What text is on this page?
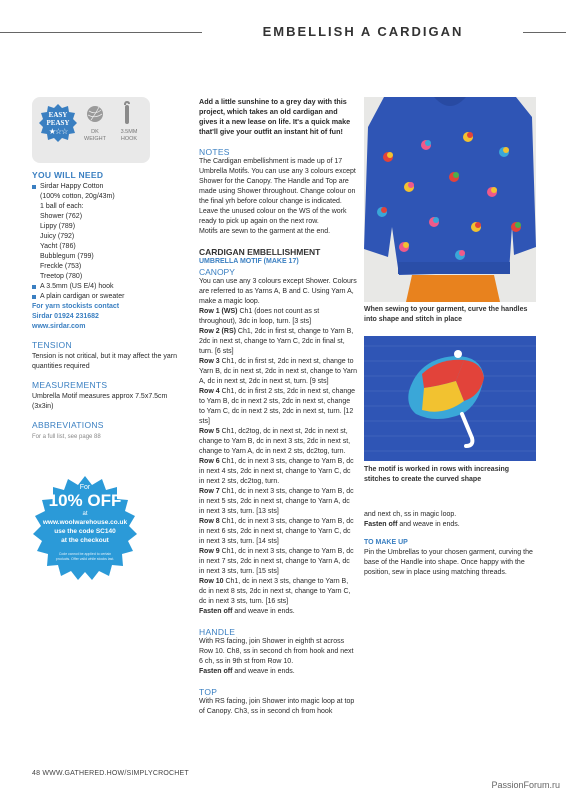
EMBELLISH A CARDIGAN
EASY
PEASY
★☆☆	DK
WEIGHT
3.5MM
HOOK
YOU WILL NEED
Sirdar Happy Cotton
(100% cotton, 20g/43m)
1 ball of each:
Shower (762)
Lippy (789)
Juicy (792)
Yacht (786)
Bubblegum (799)
Freckle (753)
Treetop (780)
A 3.5mm (US E/4) hook
A plain cardigan or sweater
For yarn stockists contact
Sirdar 01924 231682
www.sirdar.com
TENSION
Tension is not critical, but it may affect the yarn quantities required
MEASUREMENTS
Umbrella Motif measures approx 7.5x7.5cm (3x3in)
ABBREVIATIONS
For a full list, see page 88
For
10% OFF
at
www.woolwarehouse.co.uk
use the code SC140
at the checkout
Code cannot be applied to certain products. Offer valid while stocks last.

Add a little sunshine to a grey day with this project, which takes an old cardigan and gives it a new lease on life. It's a quick make that'll give your outfit an instant hit of fun!

NOTES

The Cardigan embellishment is made up of 17 Umbrella Motifs. You can use any 3 colours except Shower for the Canopy. The Handle and Top are made using Shower throughout. Change colour on the final yrh before colour change is indicated. Leave the unused colour on the WS of the work ready to pick up again on the next row.

Motifs are sewn to the garment at the end.

CARDIGAN EMBELLISHMENT
UMBRELLA MOTIF (MAKE 17)
CANOPY

You can use any 3 colours except Shower. Colours are referred to as Yarns A, B and C. Using Yarn A, make a magic loop.

Row 1 (WS) Ch1 (does not count as st throughout), 3dc in loop, turn. [3 sts]

Row 2 (RS) Ch1, 2dc in first st, change to Yarn B, 2dc in next st, change to Yarn C, 2dc in final st, turn. [6 sts]

Row 3 Ch1, dc in first st, 2dc in next st, change to Yarn B, dc in next st, 2dc in next st, change to Yarn A, dc in next st, 2dc in next st, turn. [9 sts]

Row 4 Ch1, dc in first 2 sts, 2dc in next st, change to Yarn B, dc in next 2 sts, 2dc in next st, change to Yarn C, dc in next 2 sts, 2dc in next st, turn. [12 sts]

Row 5 Ch1, dc2tog, dc in next st, 2dc in next st, change to Yarn B, dc in next 3 sts, 2dc in next st, change to Yarn A, dc in next 2 sts, dc2tog, turn.

Row 6 Ch1, dc in next 3 sts, change to Yarn B, dc in next 4 sts, 2dc in next st, change to Yarn C, dc in next 2 sts, dc2tog, turn.

Row 7 Ch1, dc in next 3 sts, change to Yarn B, dc in next 5 sts, 2dc in next st, change to Yarn A, dc in next 3 sts, turn. [13 sts]

Row 8 Ch1, dc in next 3 sts, change to Yarn B, dc in next 6 sts, 2dc in next st, change to Yarn C, dc in next 3 sts, turn. [14 sts]

Row 9 Ch1, dc in next 3 sts, change to Yarn B, dc in next 7 sts, 2dc in next st, change to Yarn A, dc in next 3 sts, turn. [15 sts]

Row 10 Ch1, dc in next 3 sts, change to Yarn B, dc in next 8 sts, 2dc in next st, change to Yarn C, dc in next 3 sts, turn. [16 sts]

Fasten off and weave in ends.

HANDLE

With RS facing, join Shower in eighth st across Row 10. Ch8, ss in second ch from hook and next 6 ch, ss in 9th st from Row 10.

Fasten off and weave in ends.

TOP

With RS facing, join Shower into magic loop at top of Canopy. Ch3, ss in second ch from hook

When sewing to your garment, curve the handles into shape and stitch in place
The motif is worked in rows with increasing stitches to create the curved shape

and next ch, ss in magic loop.

Fasten off and weave in ends.

TO MAKE UP

Pin the Umbrellas to your chosen garment, curving the base of the Handle into shape. Once happy with the position, sew in place using matching threads.

48 WWW.GATHERED.HOW/SIMPLYCROCHET
PassionForum.ru
